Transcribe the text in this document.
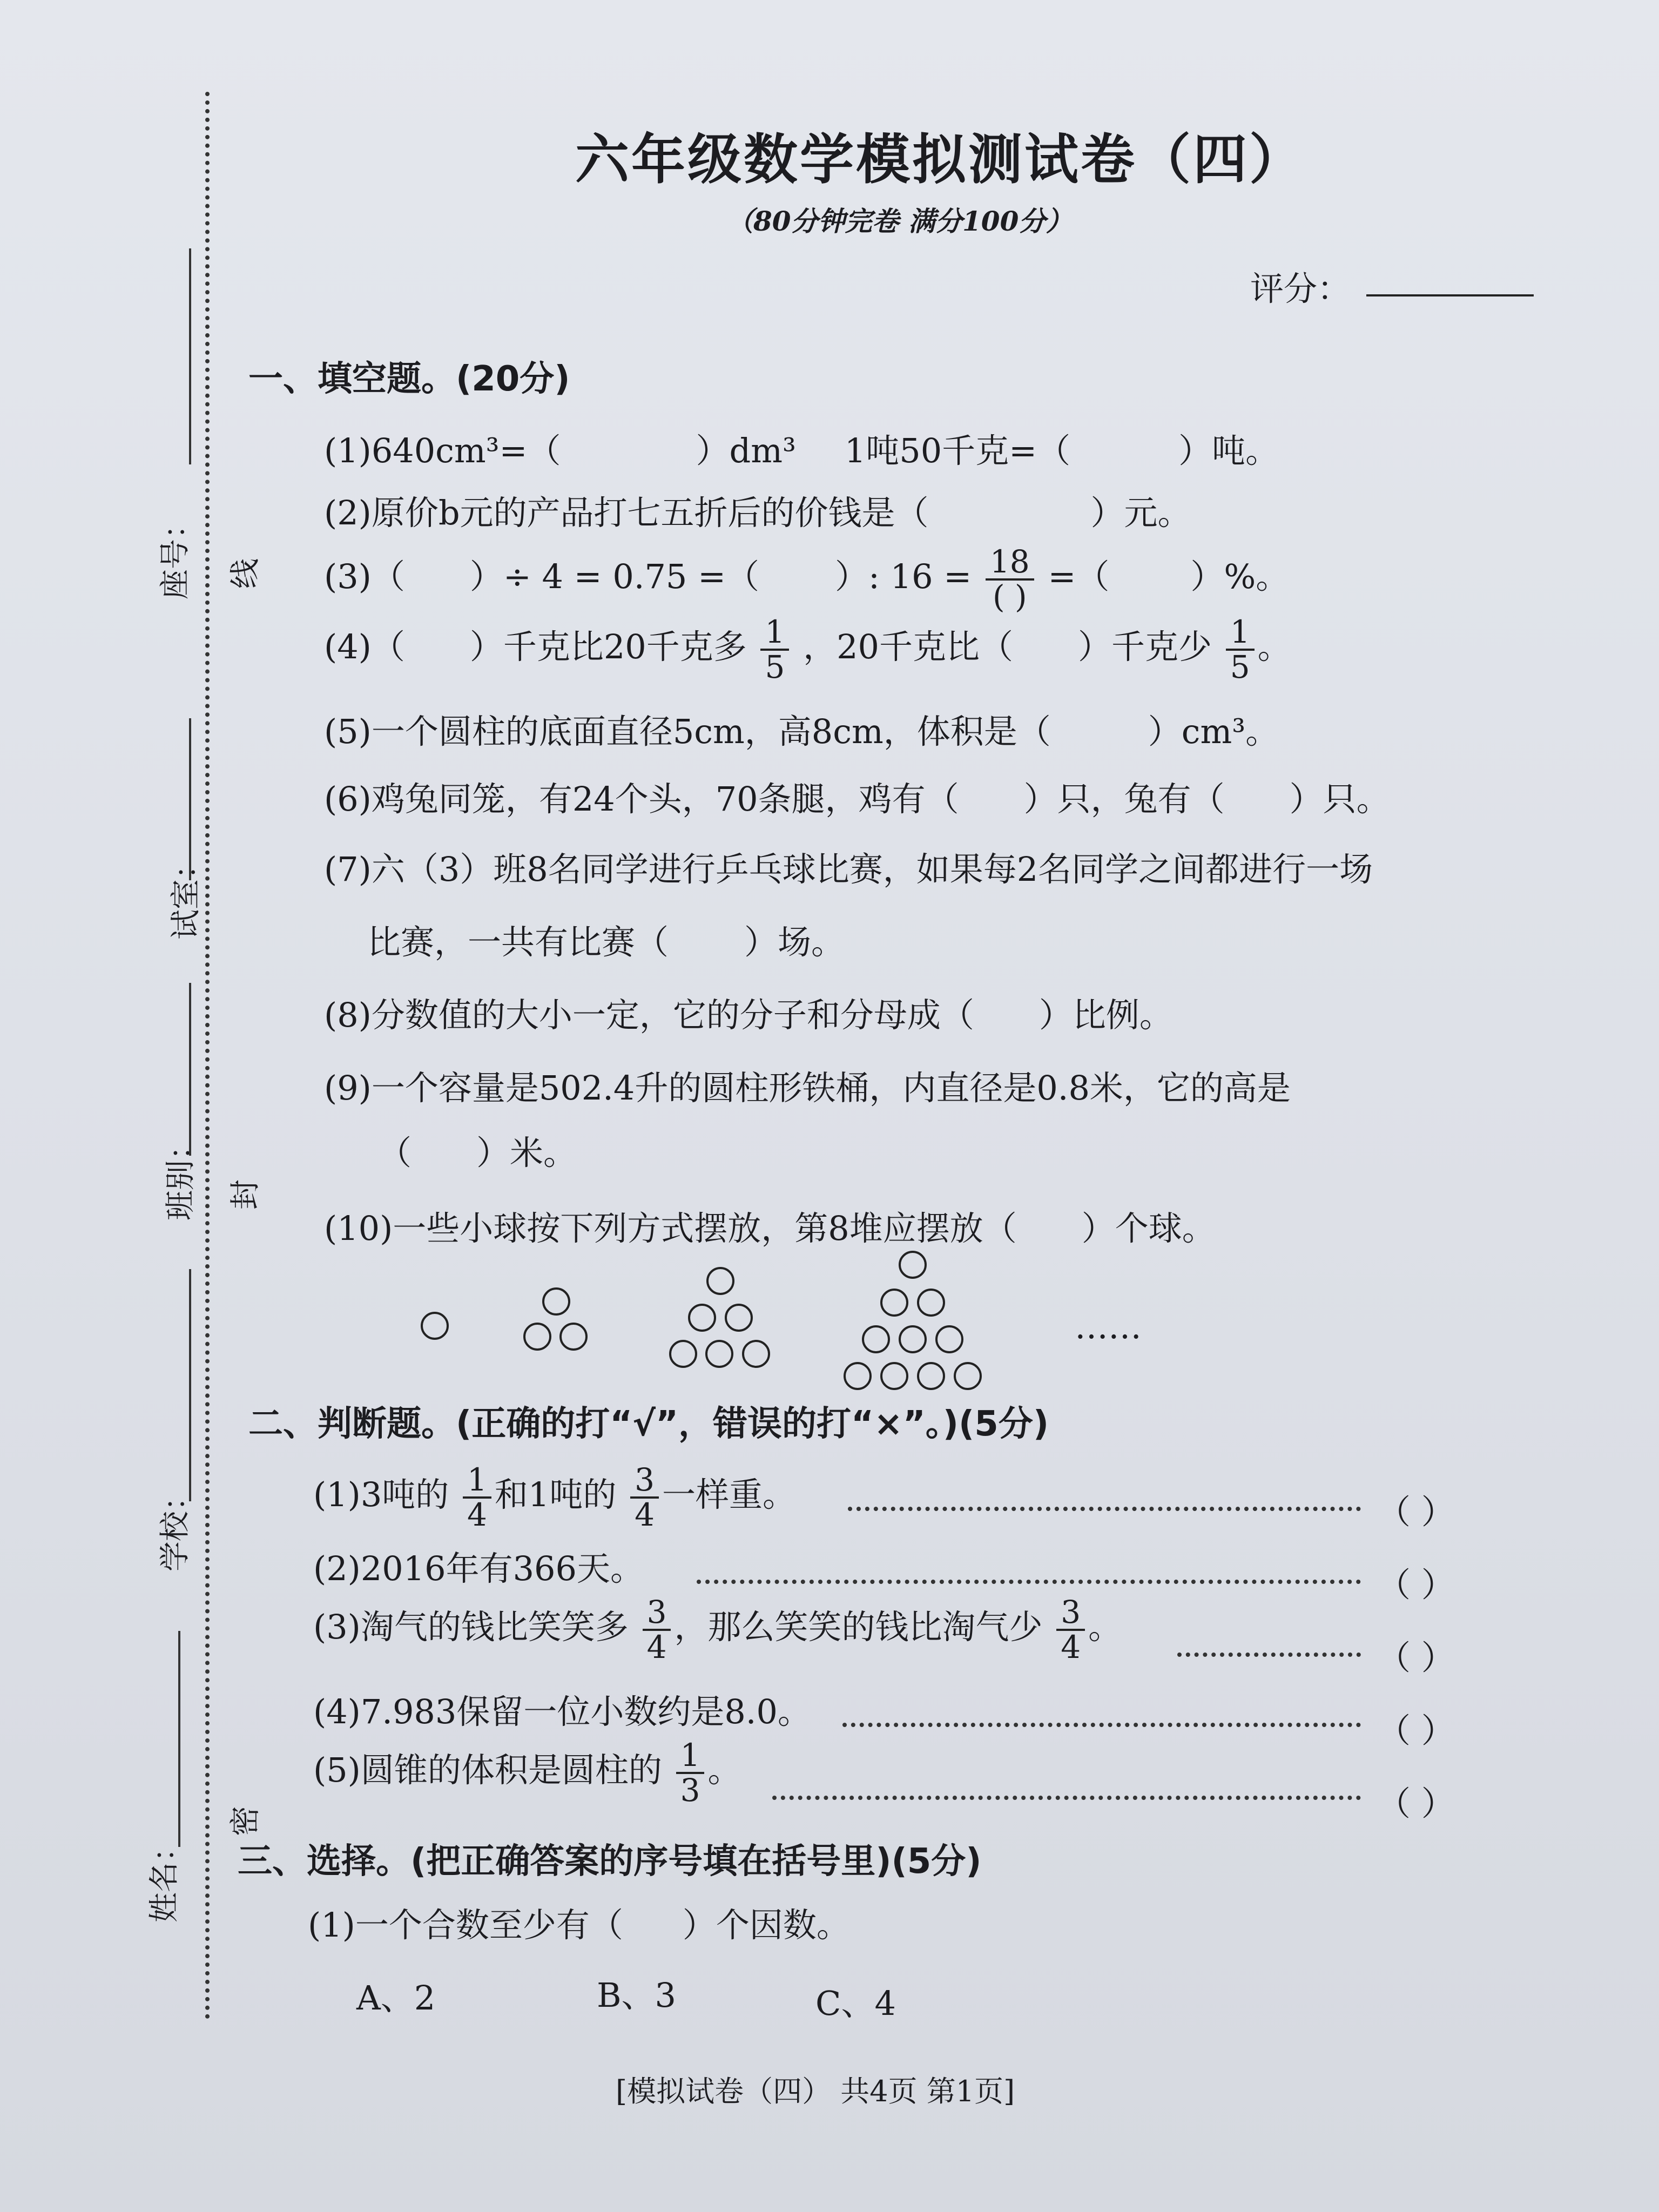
座号： 线
试室：
班别： 封
学校：
姓名：
密
六年级数学模拟测试卷（四）
（80分钟完卷 满分100分）
评分：
一、填空题。(20分)
(1)640cm³=（	）dm³ 1吨50千克=（	）吨。
(2)原价b元的产品打七五折后的价钱是（	）元。
(3)（ ）÷ 4 = 0.75 =（ ）: $16 = \frac{18}{( )}$ =（ ）%。
(4)（ ）千克比20千克多 $\frac{1}{5}$ ，20千克比（ ）千克少 $\frac{1}{5}$ 。
(5)一个圆柱的底面直径5cm，高8cm，体积是（	）cm³。
(6)鸡兔同笼，有24个头，70条腿，鸡有（ ）只，兔有（ ）只。
(7)六（3）班8名同学进行乒乓球比赛，如果每2名同学之间都进行一场
比赛，一共有比赛（ ）场。
(8)分数值的大小一定，它的分子和分母成（ ）比例。
(9)一个容量是502.4升的圆柱形铁桶，内直径是0.8米，它的高是
（ ）米。
(10)一些小球按下列方式摆放，第8堆应摆放（ ）个球。
……
二、判断题。(正确的打“√”，错误的打“×”。)(5分)
(1)3吨的 $\frac{1}{4}$ 和1吨的 $\frac{3}{4}$ 一样重。	（ ）
(2)2016年有366天。	（ ）
(3)淘气的钱比笑笑多 $\frac{3}{4}$ ，那么笑笑的钱比淘气少 $\frac{3}{4}$ 。
（ ）
(4)7.983保留一位小数约是8.0。	（ ）
(5)圆锥的体积是圆柱的 $\frac{1}{3}$ 。
（ ）
三、选择。(把正确答案的序号填在括号里)(5分)
(1)一个合数至少有（ ）个因数。
A、2	B、3	C、4
[模拟试卷（四） 共4页 第1页]
